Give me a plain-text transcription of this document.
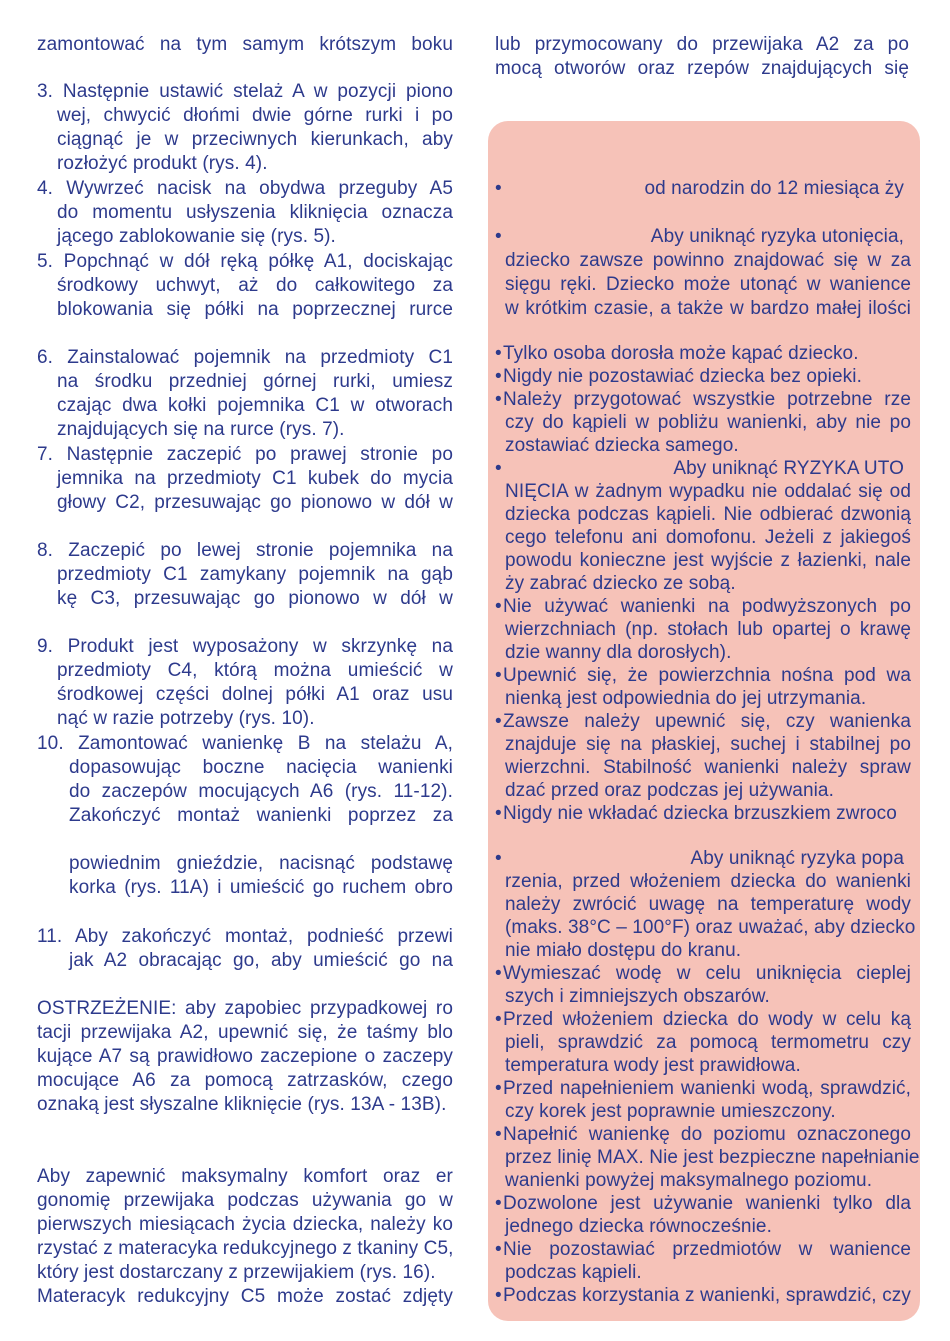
zamontować na tym samym krótszym boku
3. Następnie ustawić stelaż A w pozycji piono
wej, chwycić dłońmi dwie górne rurki i po
ciągnąć je w przeciwnych kierunkach, aby
rozłożyć produkt (rys. 4).
4. Wywrzeć nacisk na obydwa przeguby A5
do momentu usłyszenia kliknięcia oznacza
jącego zablokowanie się (rys. 5).
5. Popchnąć w dół ręką półkę A1, dociskając
środkowy uchwyt, aż do całkowitego za
blokowania się półki na poprzecznej rurce
6. Zainstalować pojemnik na przedmioty C1
na środku przedniej górnej rurki, umiesz
czając dwa kołki pojemnika C1 w otworach
znajdujących się na rurce (rys. 7).
7. Następnie zaczepić po prawej stronie po
jemnika na przedmioty C1 kubek do mycia
głowy C2, przesuwając go pionowo w dół w
8. Zaczepić po lewej stronie pojemnika na
przedmioty C1 zamykany pojemnik na gąb
kę C3, przesuwając go pionowo w dół w
9. Produkt jest wyposażony w skrzynkę na
przedmioty C4, którą można umieścić w
środkowej części dolnej półki A1 oraz usu
nąć w razie potrzeby (rys. 10).
10. Zamontować wanienkę B na stelażu A,
dopasowując boczne nacięcia wanienki
do zaczepów mocujących A6 (rys. 11-12).
Zakończyć montaż wanienki poprzez za
powiednim gnieździe, nacisnąć podstawę
korka (rys. 11A) i umieścić go ruchem obro
11. Aby zakończyć montaż, podnieść przewi
jak A2 obracając go, aby umieścić go na
OSTRZEŻENIE: aby zapobiec przypadkowej ro
tacji przewijaka A2, upewnić się, że taśmy blo
kujące A7 są prawidłowo zaczepione o zaczepy
mocujące A6 za pomocą zatrzasków, czego
oznaką jest słyszalne kliknięcie (rys. 13A - 13B).
Aby zapewnić maksymalny komfort oraz er
gonomię przewijaka podczas używania go w
pierwszych miesiącach życia dziecka, należy ko
rzystać z materacyka redukcyjnego z tkaniny C5,
który jest dostarczany z przewijakiem (rys. 16).
Materacyk redukcyjny C5 może zostać zdjęty
lub przymocowany do przewijaka A2 za po
mocą otworów oraz rzepów znajdujących się
•	od narodzin do 12 miesiąca ży
•	Aby uniknąć ryzyka utonięcia,
dziecko zawsze powinno znajdować się w za
sięgu ręki. Dziecko może utonąć w wanience
w krótkim czasie, a także w bardzo małej ilości
• Tylko osoba dorosła może kąpać dziecko.
• Nigdy nie pozostawiać dziecka bez opieki.
• Należy przygotować wszystkie potrzebne rze
czy do kąpieli w pobliżu wanienki, aby nie po
zostawiać dziecka samego.
•	Aby uniknąć RYZYKA UTO
NIĘCIA w żadnym wypadku nie oddalać się od
dziecka podczas kąpieli. Nie odbierać dzwonią
cego telefonu ani domofonu. Jeżeli z jakiegoś
powodu konieczne jest wyjście z łazienki, nale
ży zabrać dziecko ze sobą.
• Nie używać wanienki na podwyższonych po
wierzchniach (np. stołach lub opartej o krawę
dzie wanny dla dorosłych).
• Upewnić się, że powierzchnia nośna pod wa
nienką jest odpowiednia do jej utrzymania.
• Zawsze należy upewnić się, czy wanienka
znajduje się na płaskiej, suchej i stabilnej po
wierzchni. Stabilność wanienki należy spraw
dzać przed oraz podczas jej używania.
• Nigdy nie wkładać dziecka brzuszkiem zwroco
•	Aby uniknąć ryzyka popa
rzenia, przed włożeniem dziecka do wanienki
należy zwrócić uwagę na temperaturę wody
(maks. 38°C – 100°F) oraz uważać, aby dziecko
nie miało dostępu do kranu.
• Wymieszać wodę w celu uniknięcia cieplej
szych i zimniejszych obszarów.
• Przed włożeniem dziecka do wody w celu ką
pieli, sprawdzić za pomocą termometru czy
temperatura wody jest prawidłowa.
• Przed napełnieniem wanienki wodą, sprawdzić,
czy korek jest poprawnie umieszczony.
• Napełnić wanienkę do poziomu oznaczonego
przez linię MAX. Nie jest bezpieczne napełnianie
wanienki powyżej maksymalnego poziomu.
• Dozwolone jest używanie wanienki tylko dla
jednego dziecka równocześnie.
• Nie pozostawiać przedmiotów w wanience
podczas kąpieli.
• Podczas korzystania z wanienki, sprawdzić, czy
